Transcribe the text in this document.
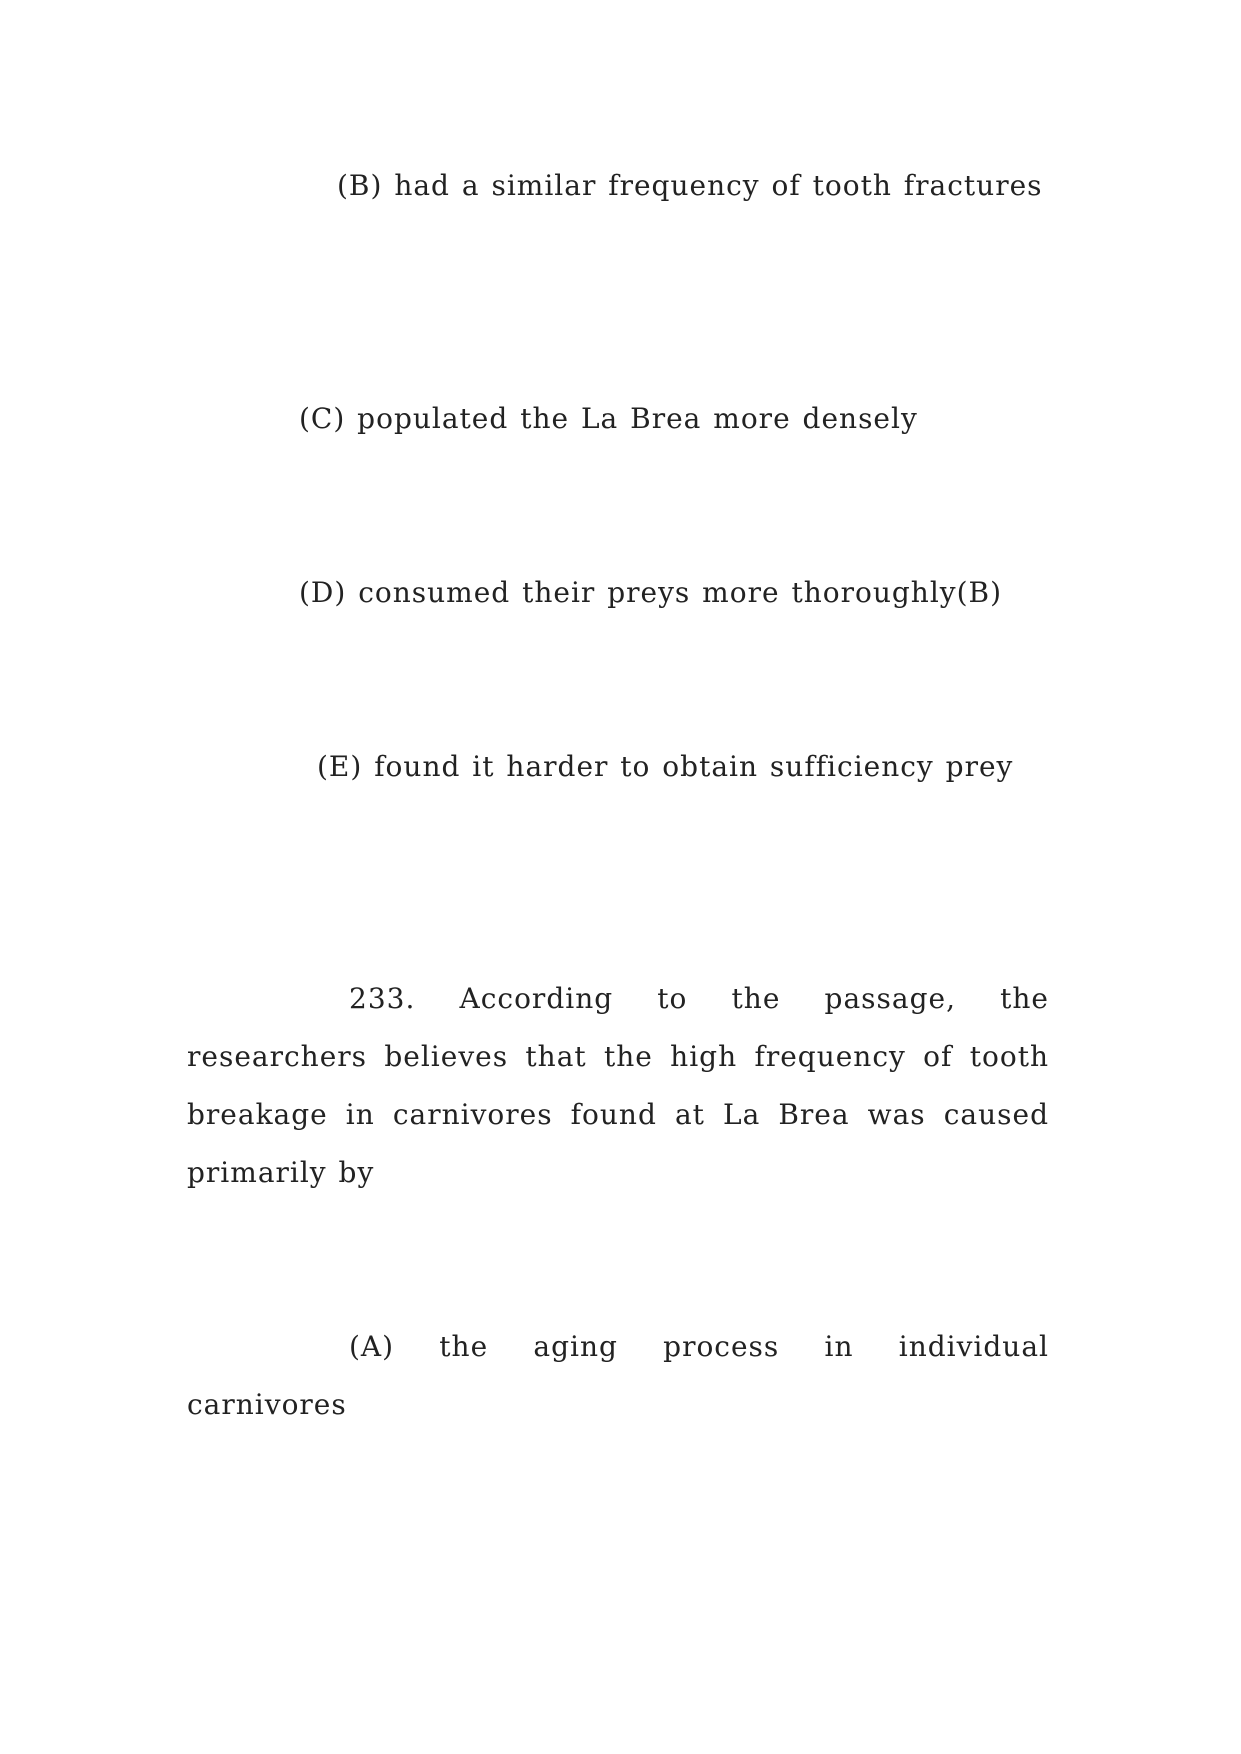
(B) had a similar frequency of tooth fractures

(C) populated the La Brea more densely

(D) consumed their preys more thoroughly(B)

(E) found it harder to obtain sufficiency prey

233. According to the passage, the researchers believes that the high frequency of tooth breakage in carnivores found at La Brea was caused primarily by

(A) the aging process in individual carnivores
